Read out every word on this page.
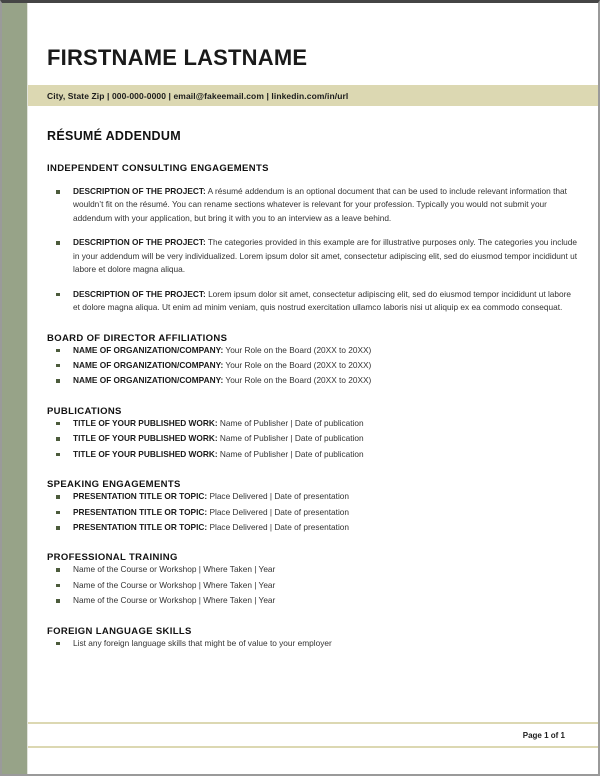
FIRSTNAME LASTNAME
City, State Zip | 000-000-0000 | email@fakeemail.com | linkedin.com/in/url
RÉSUMÉ ADDENDUM
INDEPENDENT CONSULTING ENGAGEMENTS
DESCRIPTION OF THE PROJECT: A résumé addendum is an optional document that can be used to include relevant information that wouldn’t fit on the résumé. You can rename sections whatever is relevant for your profession. Typically you would not submit your addendum with your application, but bring it with you to an interview as a leave behind.
DESCRIPTION OF THE PROJECT: The categories provided in this example are for illustrative purposes only. The categories you include in your addendum will be very individualized. Lorem ipsum dolor sit amet, consectetur adipiscing elit, sed do eiusmod tempor incididunt ut labore et dolore magna aliqua.
DESCRIPTION OF THE PROJECT: Lorem ipsum dolor sit amet, consectetur adipiscing elit, sed do eiusmod tempor incididunt ut labore et dolore magna aliqua. Ut enim ad minim veniam, quis nostrud exercitation ullamco laboris nisi ut aliquip ex ea commodo consequat.
BOARD OF DIRECTOR AFFILIATIONS
NAME OF ORGANIZATION/COMPANY: Your Role on the Board (20XX to 20XX)
NAME OF ORGANIZATION/COMPANY: Your Role on the Board (20XX to 20XX)
NAME OF ORGANIZATION/COMPANY: Your Role on the Board (20XX to 20XX)
PUBLICATIONS
TITLE OF YOUR PUBLISHED WORK: Name of Publisher | Date of publication
TITLE OF YOUR PUBLISHED WORK: Name of Publisher | Date of publication
TITLE OF YOUR PUBLISHED WORK: Name of Publisher | Date of publication
SPEAKING ENGAGEMENTS
PRESENTATION TITLE OR TOPIC: Place Delivered | Date of presentation
PRESENTATION TITLE OR TOPIC: Place Delivered | Date of presentation
PRESENTATION TITLE OR TOPIC: Place Delivered | Date of presentation
PROFESSIONAL TRAINING
Name of the Course or Workshop | Where Taken | Year
Name of the Course or Workshop | Where Taken | Year
Name of the Course or Workshop | Where Taken | Year
FOREIGN LANGUAGE SKILLS
List any foreign language skills that might be of value to your employer
Page 1 of 1
